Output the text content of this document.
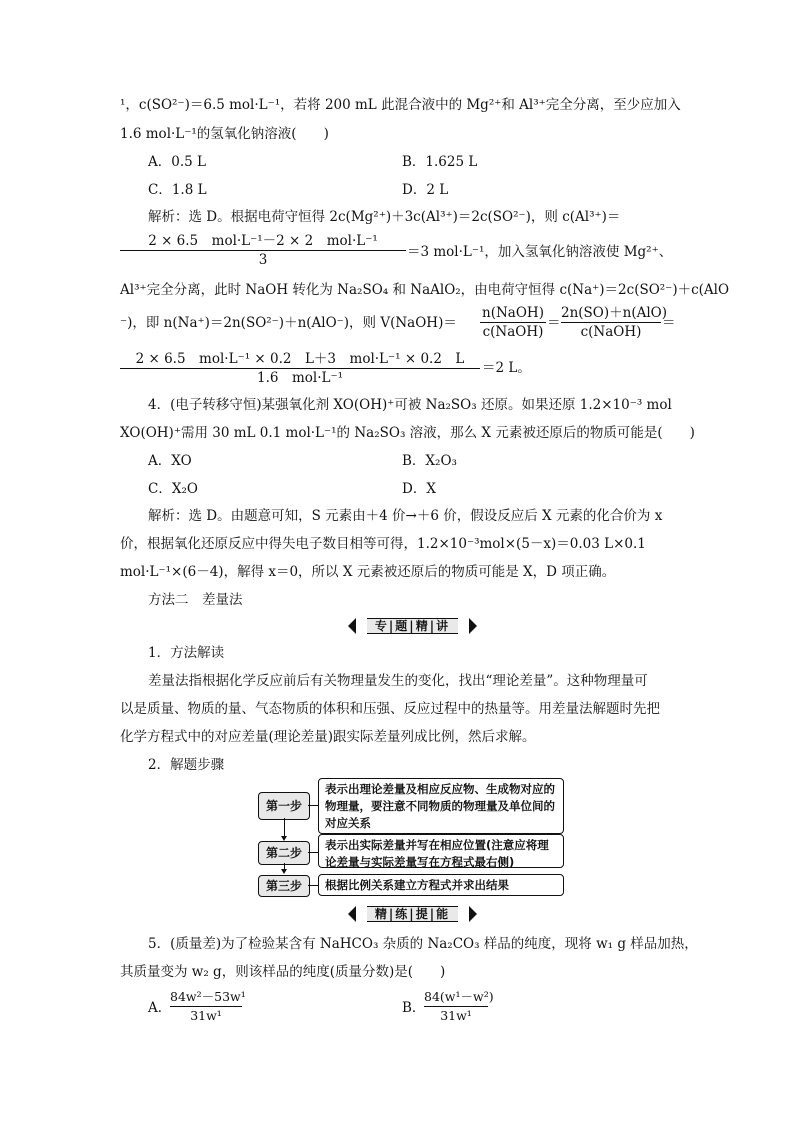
¹，c(SO²⁻)＝6.5 mol·L⁻¹，若将 200 mL 此混合液中的 Mg²⁺和 Al³⁺完全分离，至少应加入
1.6 mol·L⁻¹的氢氧化钠溶液(　　)
A．0.5 L	B．1.625 L
C．1.8 L	D．2 L
解析：选 D。根据电荷守恒得 2c(Mg²⁺)＋3c(Al³⁺)＝2c(SO²⁻)，则 c(Al³⁺)＝
2 × 6.5　mol·L⁻¹－2 × 2　mol·L⁻¹
3	＝3 mol·L⁻¹，加入氢氧化钠溶液使 Mg²⁺、
Al³⁺完全分离，此时 NaOH 转化为 Na₂SO₄ 和 NaAlO₂，由电荷守恒得 c(Na⁺)＝2c(SO²⁻)＋c(AlO
⁻)，即 n(Na⁺)＝2n(SO²⁻)＋n(AlO⁻)，则 V(NaOH)＝
n(NaOH)
c(NaOH)
＝
2n(SO)＋n(AlO)
c(NaOH)
＝
2 × 6.5　mol·L⁻¹ × 0.2　L＋3　mol·L⁻¹ × 0.2　L
1.6　mol·L⁻¹
＝2 L。
4．(电子转移守恒)某强氧化剂 XO(OH)⁺可被 Na₂SO₃ 还原。如果还原 1.2×10⁻³ mol
XO(OH)⁺需用 30 mL 0.1 mol·L⁻¹的 Na₂SO₃ 溶液，那么 X 元素被还原后的物质可能是(　　)
A．XO	B．X₂O₃
C．X₂O	D．X
解析：选 D。由题意可知，S 元素由＋4 价→＋6 价，假设反应后 X 元素的化合价为 x
价，根据氧化还原反应中得失电子数目相等可得，1.2×10⁻³mol×(5－x)＝0.03 L×0.1
mol·L⁻¹×(6－4)，解得 x＝0，所以 X 元素被还原后的物质可能是 X，D 项正确。
方法二　差量法
专|题|精|讲
1．方法解读
差量法指根据化学反应前后有关物理量发生的变化，找出“理论差量”。这种物理量可
以是质量、物质的量、气态物质的体积和压强、反应过程中的热量等。用差量法解题时先把
化学方程式中的对应差量(理论差量)跟实际差量列成比例，然后求解。
2．解题步骤
第一步
表示出理论差量及相应反应物、生成物对应的物理量，要注意不同物质的物理量及单位间的对应关系
第二步
表示出实际差量并写在相应位置(注意应将理论差量与实际差量写在方程式最右侧)
第三步	根据比例关系建立方程式并求出结果
精|练|提|能
5．(质量差)为了检验某含有 NaHCO₃ 杂质的 Na₂CO₃ 样品的纯度，现将 w₁ g 样品加热，
其质量变为 w₂ g，则该样品的纯度(质量分数)是(　　)
A．
84w²－53w¹
31w¹	B．
84(w¹－w²)
31w¹
